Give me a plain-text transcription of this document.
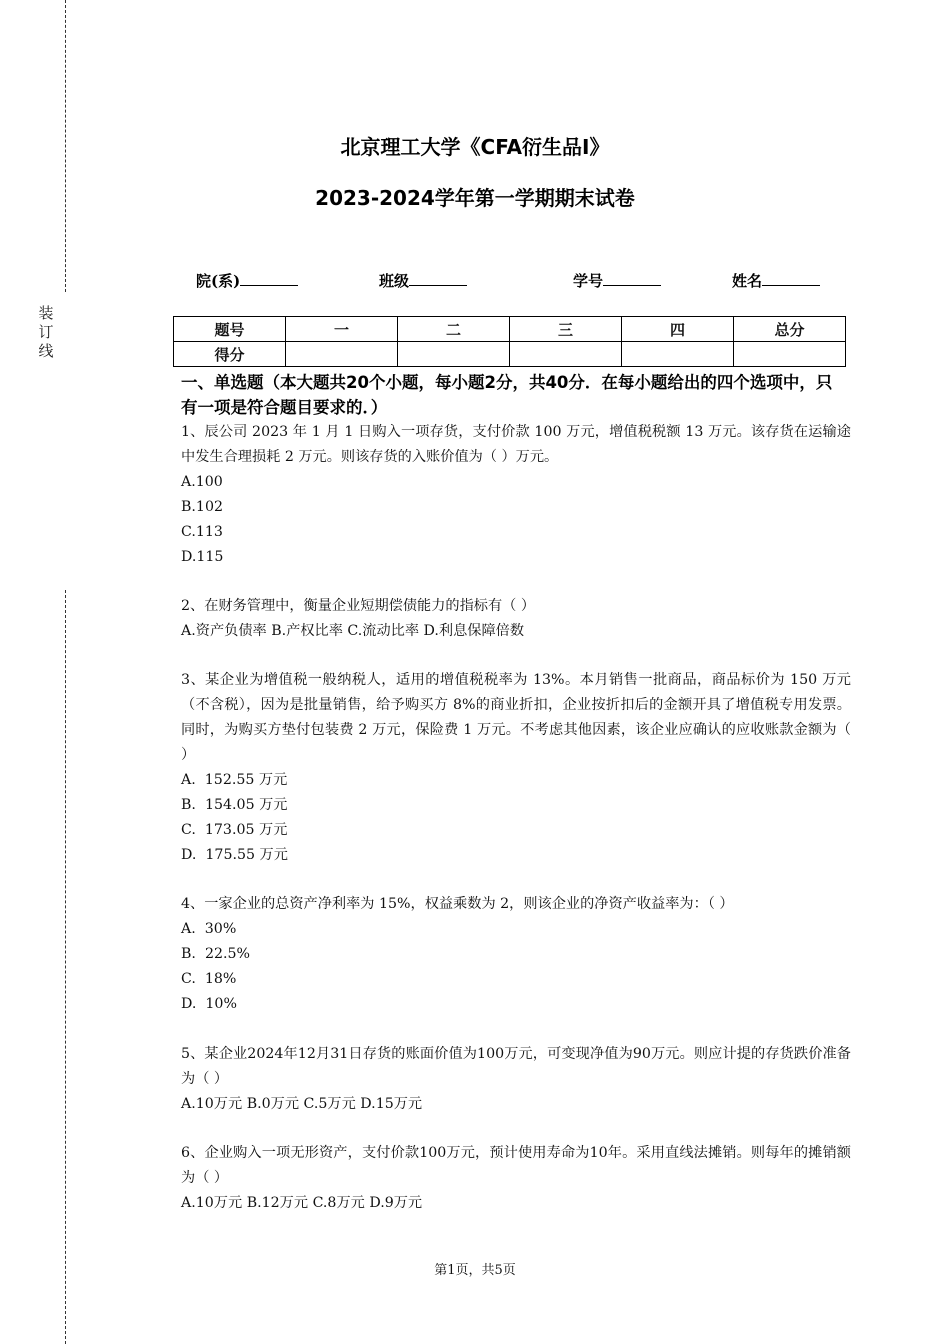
装
订
线
北京理工大学《CFA衍生品I》
2023-2024学年第一学期期末试卷
院(系)	班级	学号	姓名
题号	一	二	三	四	总分
得分					
一、单选题（本大题共20个小题，每小题2分，共40分．在每小题给出的四个选项中，只有一项是符合题目要求的．）

1、辰公司 2023 年 1 月 1 日购入一项存货，支付价款 100 万元，增值税税额 13 万元。该存货在运输途中发生合理损耗 2 万元。则该存货的入账价值为（ ）万元。

A.100

B.102

C.113

D.115

2、在财务管理中，衡量企业短期偿债能力的指标有（ ）

A.资产负债率 B.产权比率 C.流动比率 D.利息保障倍数

3、某企业为增值税一般纳税人，适用的增值税税率为 13%。本月销售一批商品，商品标价为 150 万元（不含税），因为是批量销售，给予购买方 8%的商业折扣，企业按折扣后的金额开具了增值税专用发票。同时，为购买方垫付包装费 2 万元，保险费 1 万元。不考虑其他因素，该企业应确认的应收账款金额为（ ）

A.  152.55 万元

B.  154.05 万元

C.  173.05 万元

D.  175.55 万元

4、一家企业的总资产净利率为 15%，权益乘数为 2，则该企业的净资产收益率为：（ ）

A.  30%

B.  22.5%

C.  18%

D.  10%

5、某企业2024年12月31日存货的账面价值为100万元，可变现净值为90万元。则应计提的存货跌价准备为（ ）

A.10万元 B.0万元 C.5万元 D.15万元

6、企业购入一项无形资产，支付价款100万元，预计使用寿命为10年。采用直线法摊销。则每年的摊销额为（ ）

A.10万元 B.12万元 C.8万元 D.9万元

第1页，共5页
